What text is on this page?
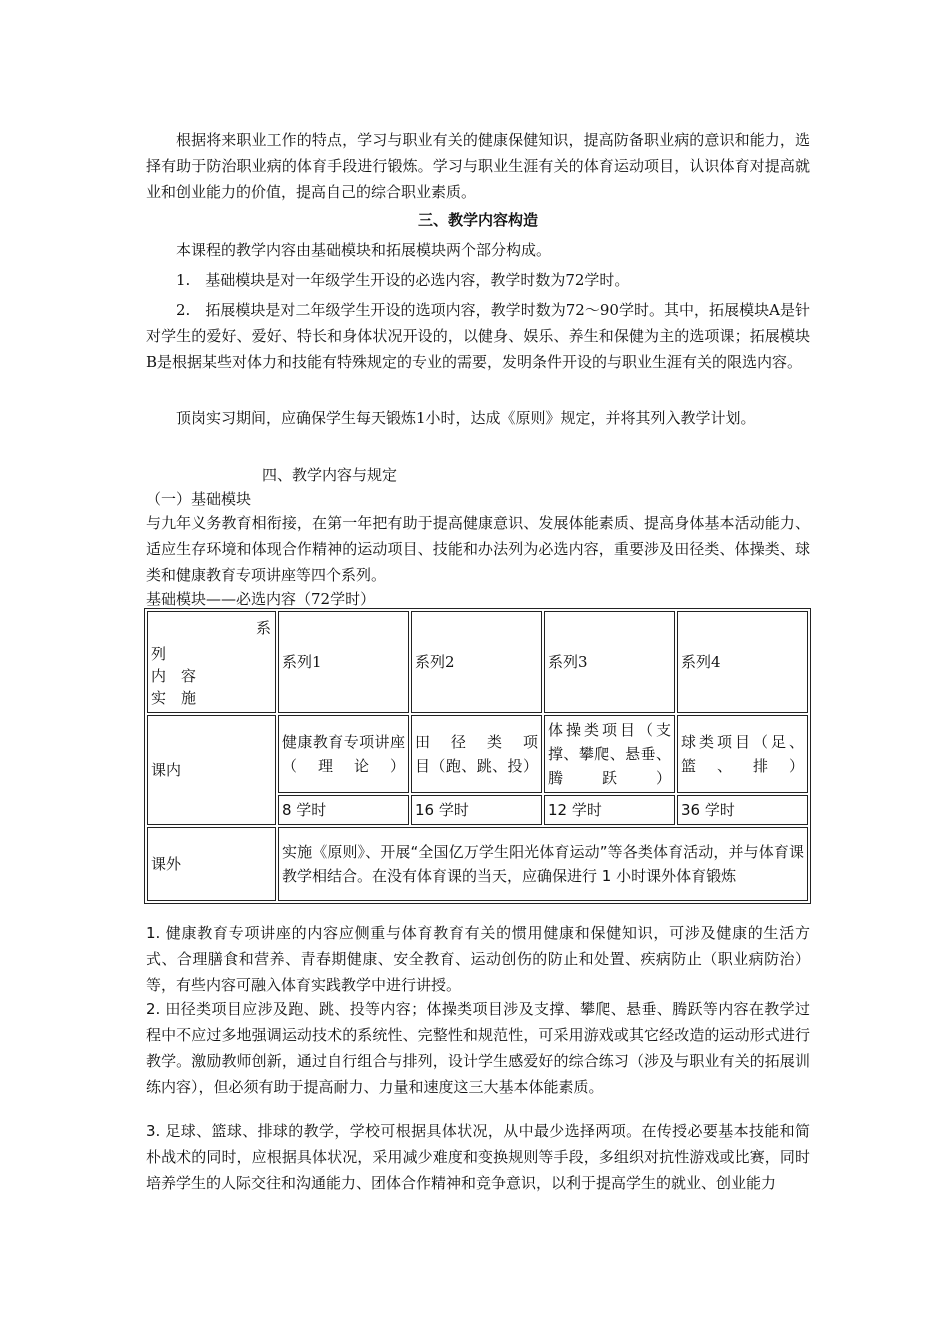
根据将来职业工作的特点，学习与职业有关的健康保健知识，提高防备职业病的意识和能力，选择有助于防治职业病的体育手段进行锻炼。学习与职业生涯有关的体育运动项目，认识体育对提高就业和创业能力的价值，提高自己的综合职业素质。
三、教学内容构造
本课程的教学内容由基础模块和拓展模块两个部分构成。
1.　基础模块是对一年级学生开设的必选内容，教学时数为72学时。
2.　拓展模块是对二年级学生开设的选项内容，教学时数为72～90学时。其中，拓展模块A是针对学生的爱好、爱好、特长和身体状况开设的，以健身、娱乐、养生和保健为主的选项课；拓展模块B是根据某些对体力和技能有特殊规定的专业的需要，发明条件开设的与职业生涯有关的限选内容。
顶岗实习期间，应确保学生每天锻炼1小时，达成《原则》规定，并将其列入教学计划。
四、教学内容与规定
（一）基础模块
与九年义务教育相衔接，在第一年把有助于提高健康意识、发展体能素质、提高身体基本活动能力、适应生存环境和体现合作精神的运动项目、技能和办法列为必选内容，重要涉及田径类、体操类、球类和健康教育专项讲座等四个系列。
基础模块——必选内容（72学时）
系
列
内　容
实　施	系列1	系列2	系列3	系列4
课内	健康教育专项讲座（理论）	田　径　类　项　目（跑、跳、投）	体操类项目（支撑、攀爬、悬垂、腾跃）	球类项目（足、篮、排）
	8 学时	16 学时	12 学时	36 学时
课外	实施《原则》、开展“全国亿万学生阳光体育运动”等各类体育活动，并与体育课教学相结合。在没有体育课的当天，应确保进行 1 小时课外体育锻炼			
1. 健康教育专项讲座的内容应侧重与体育教育有关的惯用健康和保健知识，可涉及健康的生活方式、合理膳食和营养、青春期健康、安全教育、运动创伤的防止和处置、疾病防止（职业病防治）等，有些内容可融入体育实践教学中进行讲授。
2. 田径类项目应涉及跑、跳、投等内容；体操类项目涉及支撑、攀爬、悬垂、腾跃等内容在教学过程中不应过多地强调运动技术的系统性、完整性和规范性，可采用游戏或其它经改造的运动形式进行教学。激励教师创新，通过自行组合与排列，设计学生感爱好的综合练习（涉及与职业有关的拓展训练内容），但必须有助于提高耐力、力量和速度这三大基本体能素质。
3. 足球、篮球、排球的教学，学校可根据具体状况，从中最少选择两项。在传授必要基本技能和简朴战术的同时，应根据具体状况，采用减少难度和变换规则等手段，多组织对抗性游戏或比赛，同时培养学生的人际交往和沟通能力、团体合作精神和竞争意识，以利于提高学生的就业、创业能力
